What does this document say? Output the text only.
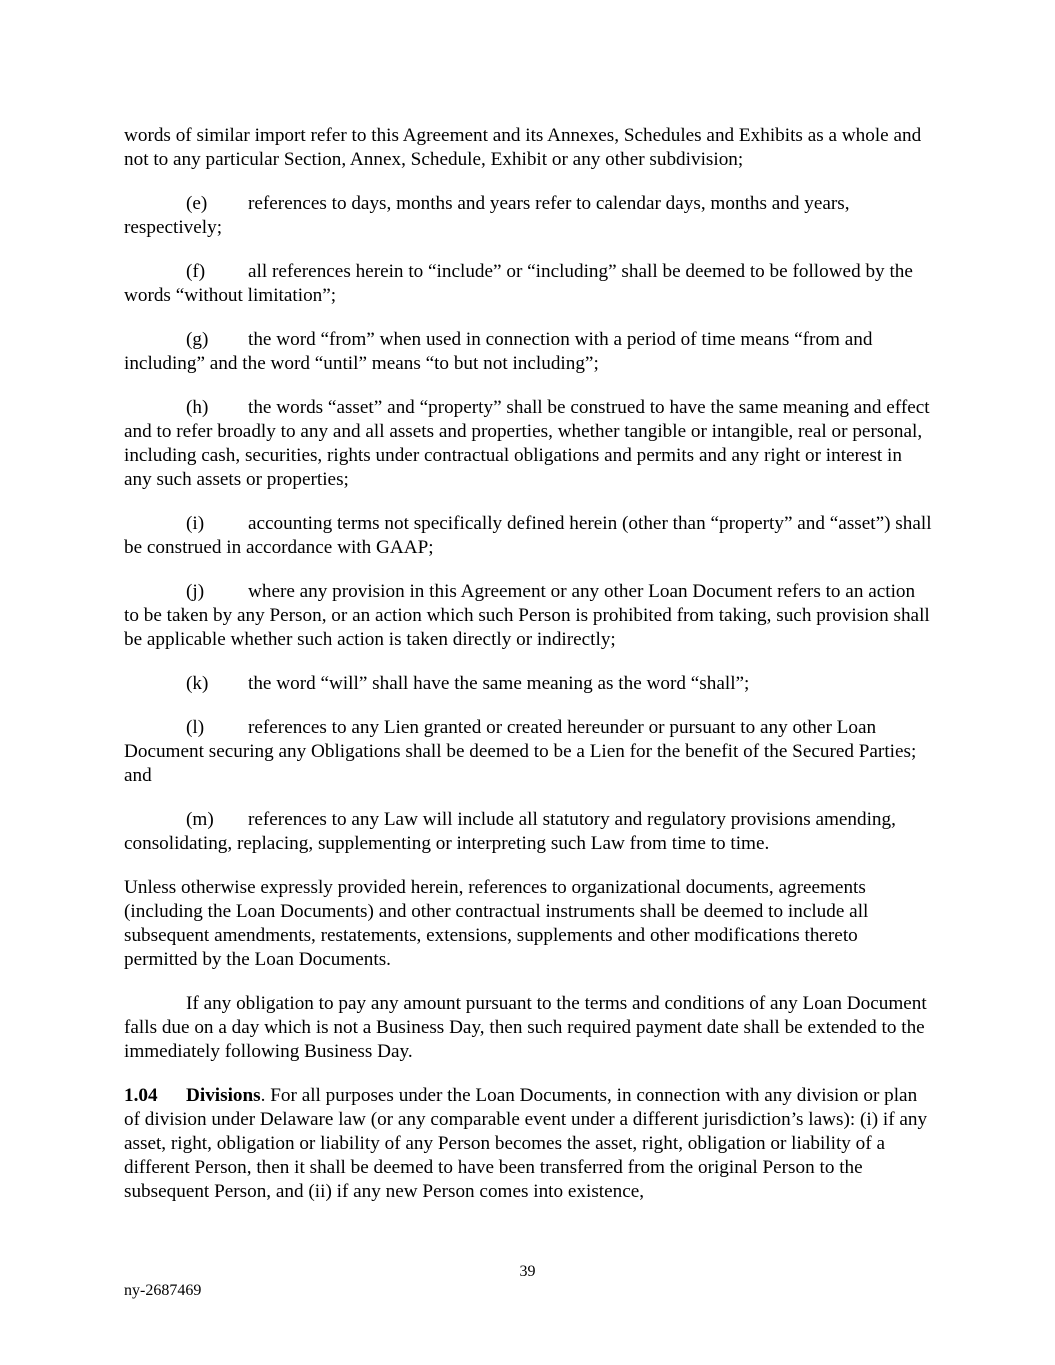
words of similar import refer to this Agreement and its Annexes, Schedules and Exhibits as a whole and not to any particular Section, Annex, Schedule, Exhibit or any other subdivision;

(e) references to days, months and years refer to calendar days, months and years, respectively;

(f) all references herein to “include” or “including” shall be deemed to be followed by the words “without limitation”;

(g) the word “from” when used in connection with a period of time means “from and including” and the word “until” means “to but not including”;

(h) the words “asset” and “property” shall be construed to have the same meaning and effect and to refer broadly to any and all assets and properties, whether tangible or intangible, real or personal, including cash, securities, rights under contractual obligations and permits and any right or interest in any such assets or properties;

(i) accounting terms not specifically defined herein (other than “property” and “asset”) shall be construed in accordance with GAAP;

(j) where any provision in this Agreement or any other Loan Document refers to an action to be taken by any Person, or an action which such Person is prohibited from taking, such provision shall be applicable whether such action is taken directly or indirectly;

(k) the word “will” shall have the same meaning as the word “shall”;

(l) references to any Lien granted or created hereunder or pursuant to any other Loan Document securing any Obligations shall be deemed to be a Lien for the benefit of the Secured Parties; and

(m) references to any Law will include all statutory and regulatory provisions amending, consolidating, replacing, supplementing or interpreting such Law from time to time.

Unless otherwise expressly provided herein, references to organizational documents, agreements (including the Loan Documents) and other contractual instruments shall be deemed to include all subsequent amendments, restatements, extensions, supplements and other modifications thereto permitted by the Loan Documents.

If any obligation to pay any amount pursuant to the terms and conditions of any Loan Document falls due on a day which is not a Business Day, then such required payment date shall be extended to the immediately following Business Day.

1.04 Divisions. For all purposes under the Loan Documents, in connection with any division or plan of division under Delaware law (or any comparable event under a different jurisdiction’s laws): (i) if any asset, right, obligation or liability of any Person becomes the asset, right, obligation or liability of a different Person, then it shall be deemed to have been transferred from the original Person to the subsequent Person, and (ii) if any new Person comes into existence,

39
ny-2687469
